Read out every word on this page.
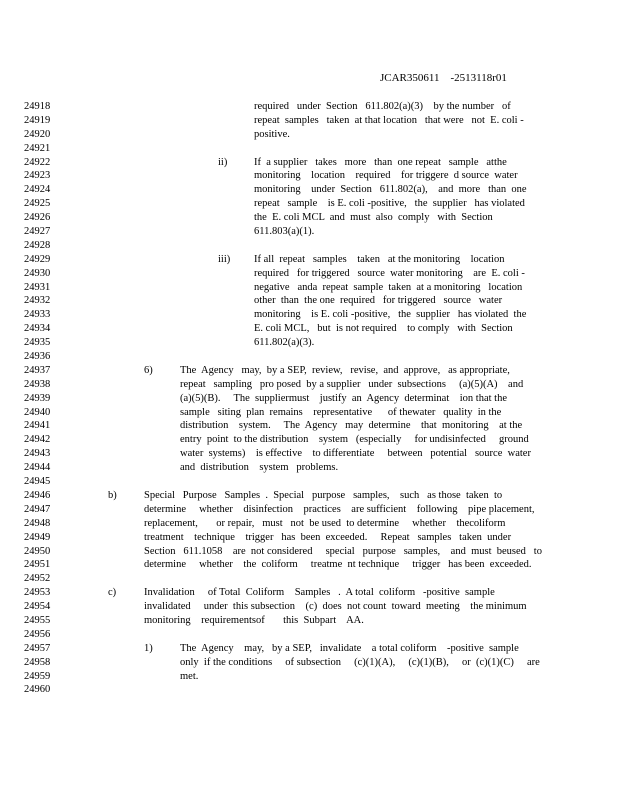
JCAR350611    -2513118r01
24918	required   under  Section   611.802(a)(3)    by the number   of
24919	repeat  samples   taken  at that location   that were   not  E. coli -
24920	positive.
24921
24922	ii)	If  a supplier   takes   more   than  one repeat   sample   atthe
24923	monitoring    location    required    for triggere  d source  water
24924	monitoring    under  Section   611.802(a),    and  more   than  one
24925	repeat   sample    is E. coli -positive,   the  supplier   has violated
24926	the  E. coli MCL  and  must  also  comply   with  Section
24927	611.803(a)(1).
24928
24929	iii) If all  repeat   samples    taken   at the monitoring    location
24930	required   for triggered   source  water monitoring    are  E. coli -
24931	negative   anda  repeat  sample  taken  at a monitoring   location
24932	other  than  the one  required   for triggered   source   water
24933	monitoring    is E. coli -positive,   the  supplier   has violated  the
24934	E. coli MCL,   but  is not required    to comply   with  Section
24935	611.802(a)(3).
24936
24937	6)	The  Agency   may,  by a SEP,  review,   revise,  and  approve,   as appropriate,
24938	repeat   sampling   pro posed  by a supplier   under  subsections     (a)(5)(A)    and
24939	(a)(5)(B).     The  suppliermust    justify  an  Agency  determinat    ion that the
24940	sample   siting  plan  remains    representative      of thewater   quality  in the
24941	distribution    system.     The  Agency   may  determine    that  monitoring    at the
24942	entry  point  to the distribution    system   (especially     for undisinfected     ground
24943	water  systems)    is effective    to differentiate     between   potential   source  water
24944	and  distribution    system   problems.
24945
24946	b)	Special   Purpose   Samples  .  Special   purpose   samples,    such   as those  taken  to
24947	determine     whether    disinfection    practices    are sufficient    following    pipe placement,
24948	replacement,       or repair,   must   not  be used  to determine     whether    thecoliform
24949	treatment    technique    trigger   has  been  exceeded.     Repeat   samples   taken  under
24950	Section   611.1058    are  not considered     special   purpose   samples,    and  must  beused   to
24951	determine     whether    the  coliform     treatme  nt technique     trigger   has been  exceeded.
24952
24953	c)	Invalidation     of Total  Coliform    Samples   .  A total  coliform   -positive  sample
24954	invalidated     under  this subsection    (c)  does  not count  toward  meeting    the minimum
24955	monitoring    requirementsof       this  Subpart    AA.
24956
24957	1)	The  Agency    may,   by a SEP,   invalidate    a total coliform    -positive  sample
24958	only  if the conditions     of subsection     (c)(1)(A),     (c)(1)(B),     or  (c)(1)(C)     are
24959	met.
24960
